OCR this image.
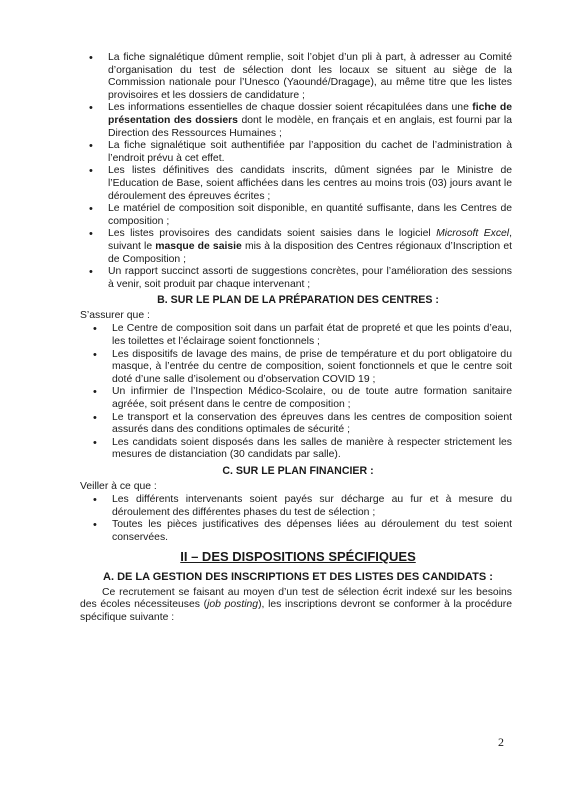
• La fiche signalétique dûment remplie, soit l’objet d’un pli à part, à adresser au Comité d’organisation du test de sélection dont les locaux se situent au siège de la Commission nationale pour l’Unesco (Yaoundé/Dragage), au même titre que les listes provisoires et les dossiers de candidature ;
• Les informations essentielles de chaque dossier soient récapitulées dans une fiche de présentation des dossiers dont le modèle, en français et en anglais, est fourni par la Direction des Ressources Humaines ;
• La fiche signalétique soit authentifiée par l’apposition du cachet de l’administration à l’endroit prévu à cet effet.
• Les listes définitives des candidats inscrits, dûment signées par le Ministre de l’Education de Base, soient affichées dans les centres au moins trois (03) jours avant le déroulement des épreuves écrites ;
• Le matériel de composition soit disponible, en quantité suffisante, dans les Centres de composition ;
• Les listes provisoires des candidats soient saisies dans le logiciel Microsoft Excel, suivant le masque de saisie mis à la disposition des Centres régionaux d’Inscription et de Composition ;
• Un rapport succinct assorti de suggestions concrètes, pour l’amélioration des sessions à venir, soit produit par chaque intervenant ;
B. SUR LE PLAN DE LA PRÉPARATION DES CENTRES :
S’assurer que :
• Le Centre de composition soit dans un parfait état de propreté et que les points d’eau, les toilettes et l’éclairage soient fonctionnels ;
• Les dispositifs de lavage des mains, de prise de température et du port obligatoire du masque, à l’entrée du centre de composition, soient fonctionnels et que le centre soit doté d’une salle d’isolement ou d’observation COVID 19 ;
• Un infirmier de l’Inspection Médico-Scolaire, ou de toute autre formation sanitaire agréée, soit présent dans le centre de composition ;
• Le transport et la conservation des épreuves dans les centres de composition soient assurés dans des conditions optimales de sécurité ;
• Les candidats soient disposés dans les salles de manière à respecter strictement les mesures de distanciation (30 candidats par salle).
C. SUR LE PLAN FINANCIER :
Veiller à ce que :
• Les différents intervenants soient payés sur décharge au fur et à mesure du déroulement des différentes phases du test de sélection ;
• Toutes les pièces justificatives des dépenses liées au déroulement du test soient conservées.
II – DES DISPOSITIONS SPÉCIFIQUES
A. DE LA GESTION DES INSCRIPTIONS ET DES LISTES DES CANDIDATS :
Ce recrutement se faisant au moyen d’un test de sélection écrit indexé sur les besoins des écoles nécessiteuses (job posting), les inscriptions devront se conformer à la procédure spécifique suivante :
2
